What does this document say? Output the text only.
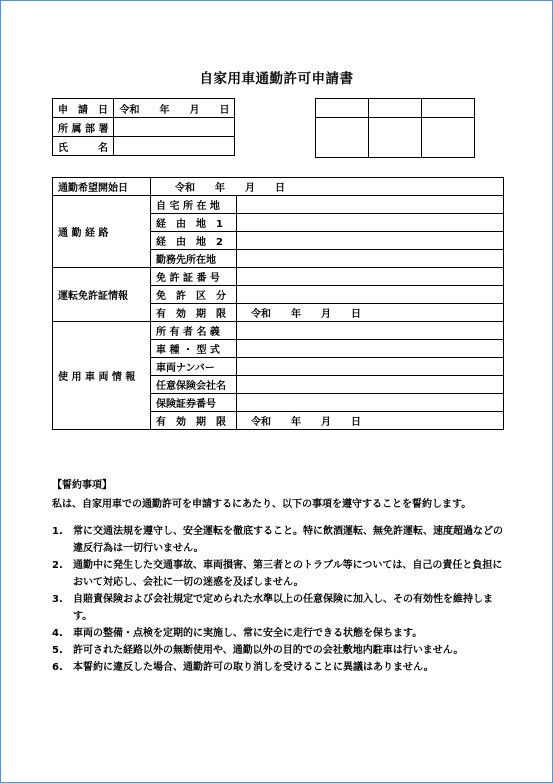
自家用車通勤許可申請書
申　請　日	令和　　年　　月　　日
所 属 部 署	
氏　　　名	

通勤希望開始日	令和　　年　　月　　日	
通 勤 経 路	自 宅 所 在 地	
	経　由　地　1	
	経　由　地　2	
	勤務先所在地	
運転免許証情報	免 許 証 番 号	
	免　許　区　分	
	有　効　期　限	令和　　年　　月　　日
使 用 車 両 情 報	所 有 者 名 義	
	車 種 ・ 型 式	
	車両ナンバー	
	任意保険会社名	
	保険証券番号	
	有　効　期　限	令和　　年　　月　　日
【誓約事項】
私は、自家用車での通勤許可を申請するにあたり、以下の事項を遵守することを誓約します。
1.	常に交通法規を遵守し、安全運転を徹底すること。特に飲酒運転、無免許運転、速度超過などの違反行為は一切行いません。
2.	通勤中に発生した交通事故、車両損害、第三者とのトラブル等については、自己の責任と負担において対応し、会社に一切の迷惑を及ぼしません。
3.	自賠責保険および会社規定で定められた水準以上の任意保険に加入し、その有効性を維持します。
4.	車両の整備・点検を定期的に実施し、常に安全に走行できる状態を保ちます。
5.	許可された経路以外の無断使用や、通勤以外の目的での会社敷地内駐車は行いません。
6.	本誓約に違反した場合、通勤許可の取り消しを受けることに異議はありません。
